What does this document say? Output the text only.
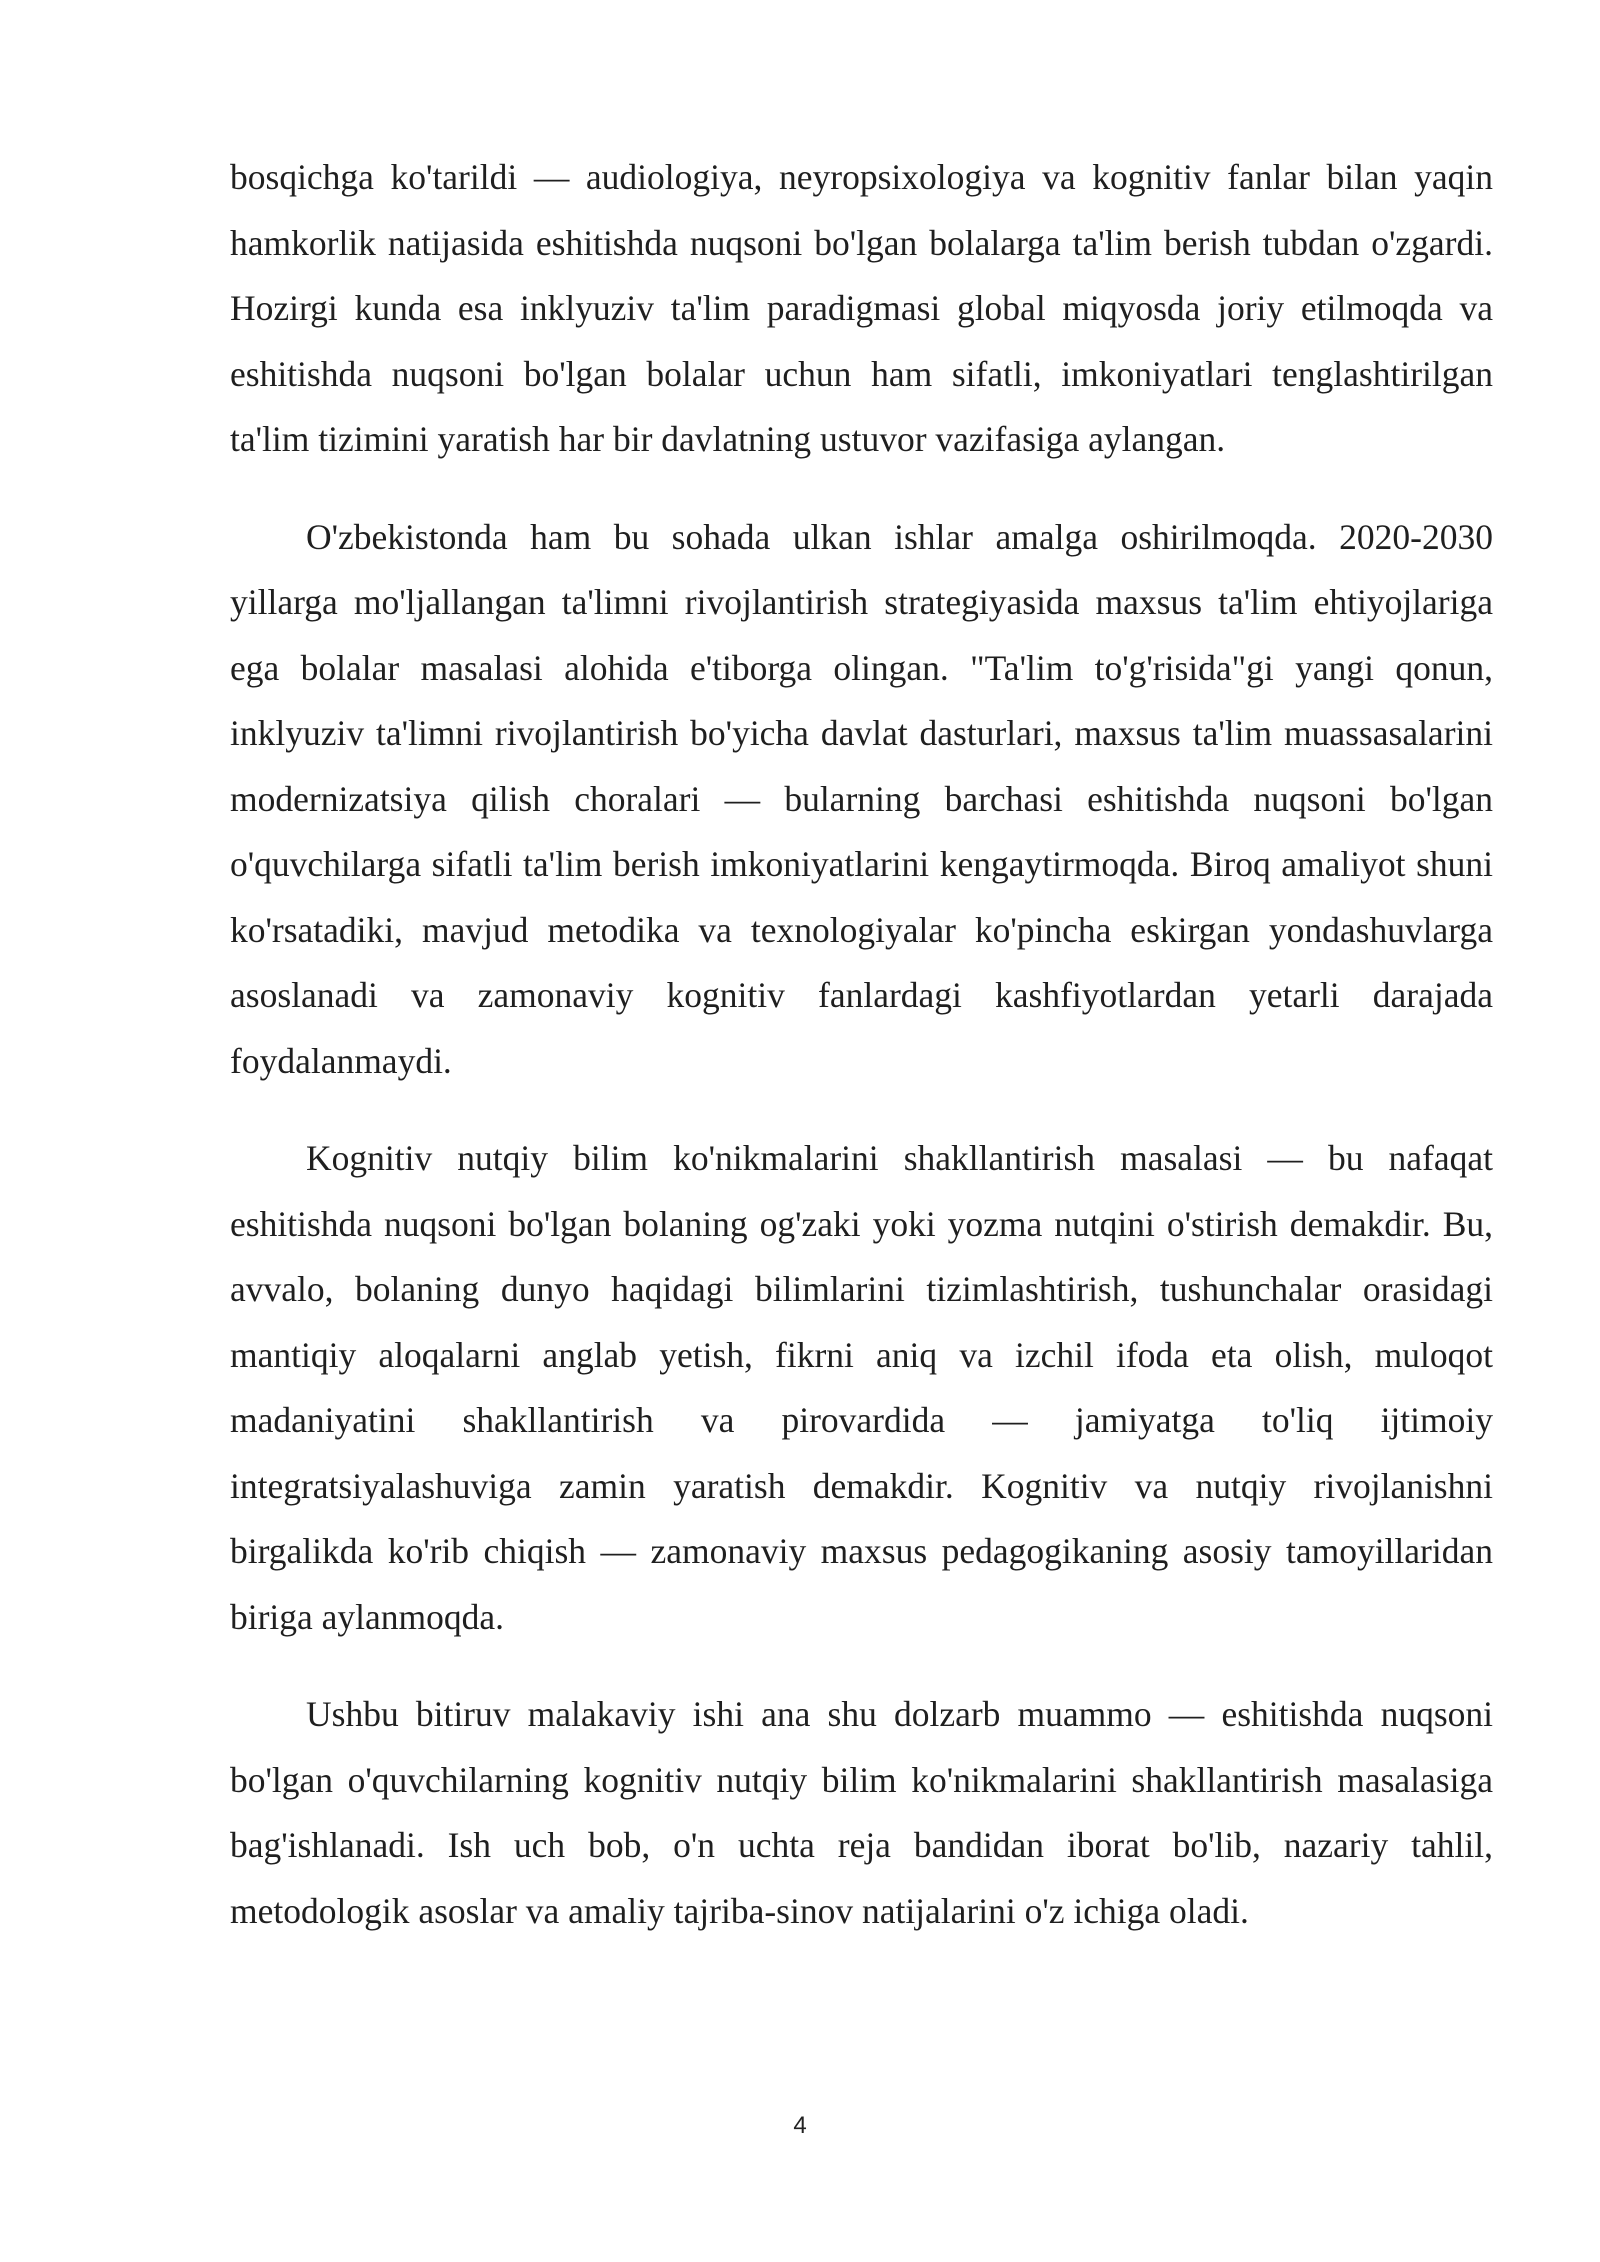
bosqichga ko'tarildi — audiologiya, neyropsixologiya va kognitiv fanlar bilan yaqin hamkorlik natijasida eshitishda nuqsoni bo'lgan bolalarga ta'lim berish tubdan o'zgardi. Hozirgi kunda esa inklyuziv ta'lim paradigmasi global miqyosda joriy etilmoqda va eshitishda nuqsoni bo'lgan bolalar uchun ham sifatli, imkoniyatlari tenglashtirilgan ta'lim tizimini yaratish har bir davlatning ustuvor vazifasiga aylangan.

O'zbekistonda ham bu sohada ulkan ishlar amalga oshirilmoqda. 2020-2030 yillarga mo'ljallangan ta'limni rivojlantirish strategiyasida maxsus ta'lim ehtiyojlariga ega bolalar masalasi alohida e'tiborga olingan. "Ta'lim to'g'risida"gi yangi qonun, inklyuziv ta'limni rivojlantirish bo'yicha davlat dasturlari, maxsus ta'lim muassasalarini modernizatsiya qilish choralari — bularning barchasi eshitishda nuqsoni bo'lgan o'quvchilarga sifatli ta'lim berish imkoniyatlarini kengaytirmoqda. Biroq amaliyot shuni ko'rsatadiki, mavjud metodika va texnologiyalar ko'pincha eskirgan yondashuvlarga asoslanadi va zamonaviy kognitiv fanlardagi kashfiyotlardan yetarli darajada foydalanmaydi.

Kognitiv nutqiy bilim ko'nikmalarini shakllantirish masalasi — bu nafaqat eshitishda nuqsoni bo'lgan bolaning og'zaki yoki yozma nutqini o'stirish demakdir. Bu, avvalo, bolaning dunyo haqidagi bilimlarini tizimlashtirish, tushunchalar orasidagi mantiqiy aloqalarni anglab yetish, fikrni aniq va izchil ifoda eta olish, muloqot madaniyatini shakllantirish va pirovardida — jamiyatga to'liq ijtimoiy integratsiyalashuviga zamin yaratish demakdir. Kognitiv va nutqiy rivojlanishni birgalikda ko'rib chiqish — zamonaviy maxsus pedagogikaning asosiy tamoyillaridan biriga aylanmoqda.

Ushbu bitiruv malakaviy ishi ana shu dolzarb muammo — eshitishda nuqsoni bo'lgan o'quvchilarning kognitiv nutqiy bilim ko'nikmalarini shakllantirish masalasiga bag'ishlanadi. Ish uch bob, o'n uchta reja bandidan iborat bo'lib, nazariy tahlil, metodologik asoslar va amaliy tajriba-sinov natijalarini o'z ichiga oladi.

4
